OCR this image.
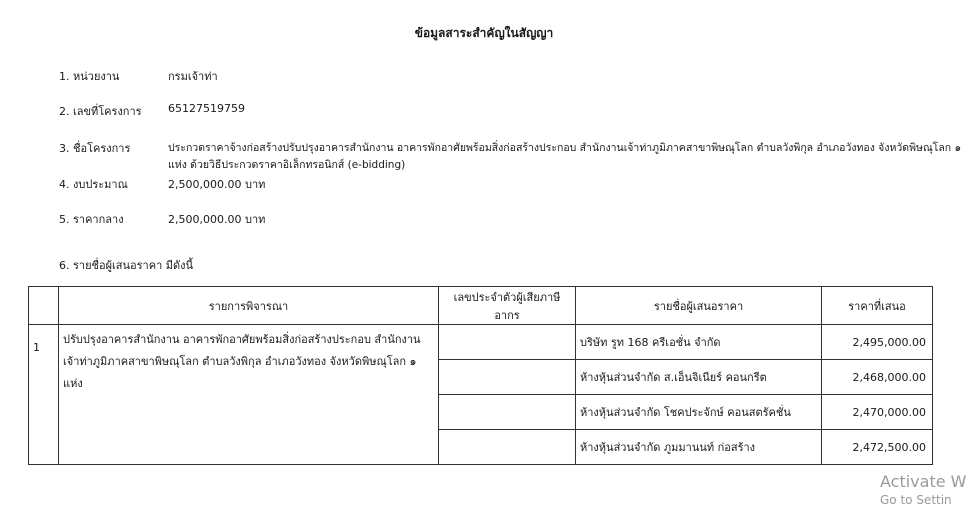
ข้อมูลสาระสำคัญในสัญญา
1. หน่วยงาน	กรมเจ้าท่า
2. เลขที่โครงการ 65127519759
3. ชื่อโครงการ	ประกวดราคาจ้างก่อสร้างปรับปรุงอาคารสำนักงาน อาคารพักอาศัยพร้อมสิ่งก่อสร้างประกอบ สำนักงานเจ้าท่าภูมิภาคสาขาพิษณุโลก ตำบลวังพิกุล อำเภอวังทอง จังหวัดพิษณุโลก ๑
แห่ง ด้วยวิธีประกวดราคาอิเล็กทรอนิกส์ (e-bidding)
4. งบประมาณ	2,500,000.00 บาท
5. ราคากลาง	2,500,000.00 บาท
6. รายชื่อผู้เสนอราคา มีดังนี้
	รายการพิจารณา	เลขประจำตัวผู้เสียภาษีอากร	รายชื่อผู้เสนอราคา	ราคาที่เสนอ
1	ปรับปรุงอาคารสำนักงาน อาคารพักอาศัยพร้อมสิ่งก่อสร้างประกอบ สำนักงานเจ้าท่าภูมิภาคสาขาพิษณุโลก ตำบลวังพิกุล อำเภอวังทอง จังหวัดพิษณุโลก ๑ แห่ง		บริษัท รูท 168 ครีเอชั่น จำกัด	2,495,000.00
			ห้างหุ้นส่วนจำกัด ส.เอ็นจิเนียร์ คอนกรีต	2,468,000.00
			ห้างหุ้นส่วนจำกัด โชคประจักษ์ คอนสตรัคชั่น	2,470,000.00
			ห้างหุ้นส่วนจำกัด ภูมมานนท์ ก่อสร้าง	2,472,500.00
Activate W
Go to Settin
